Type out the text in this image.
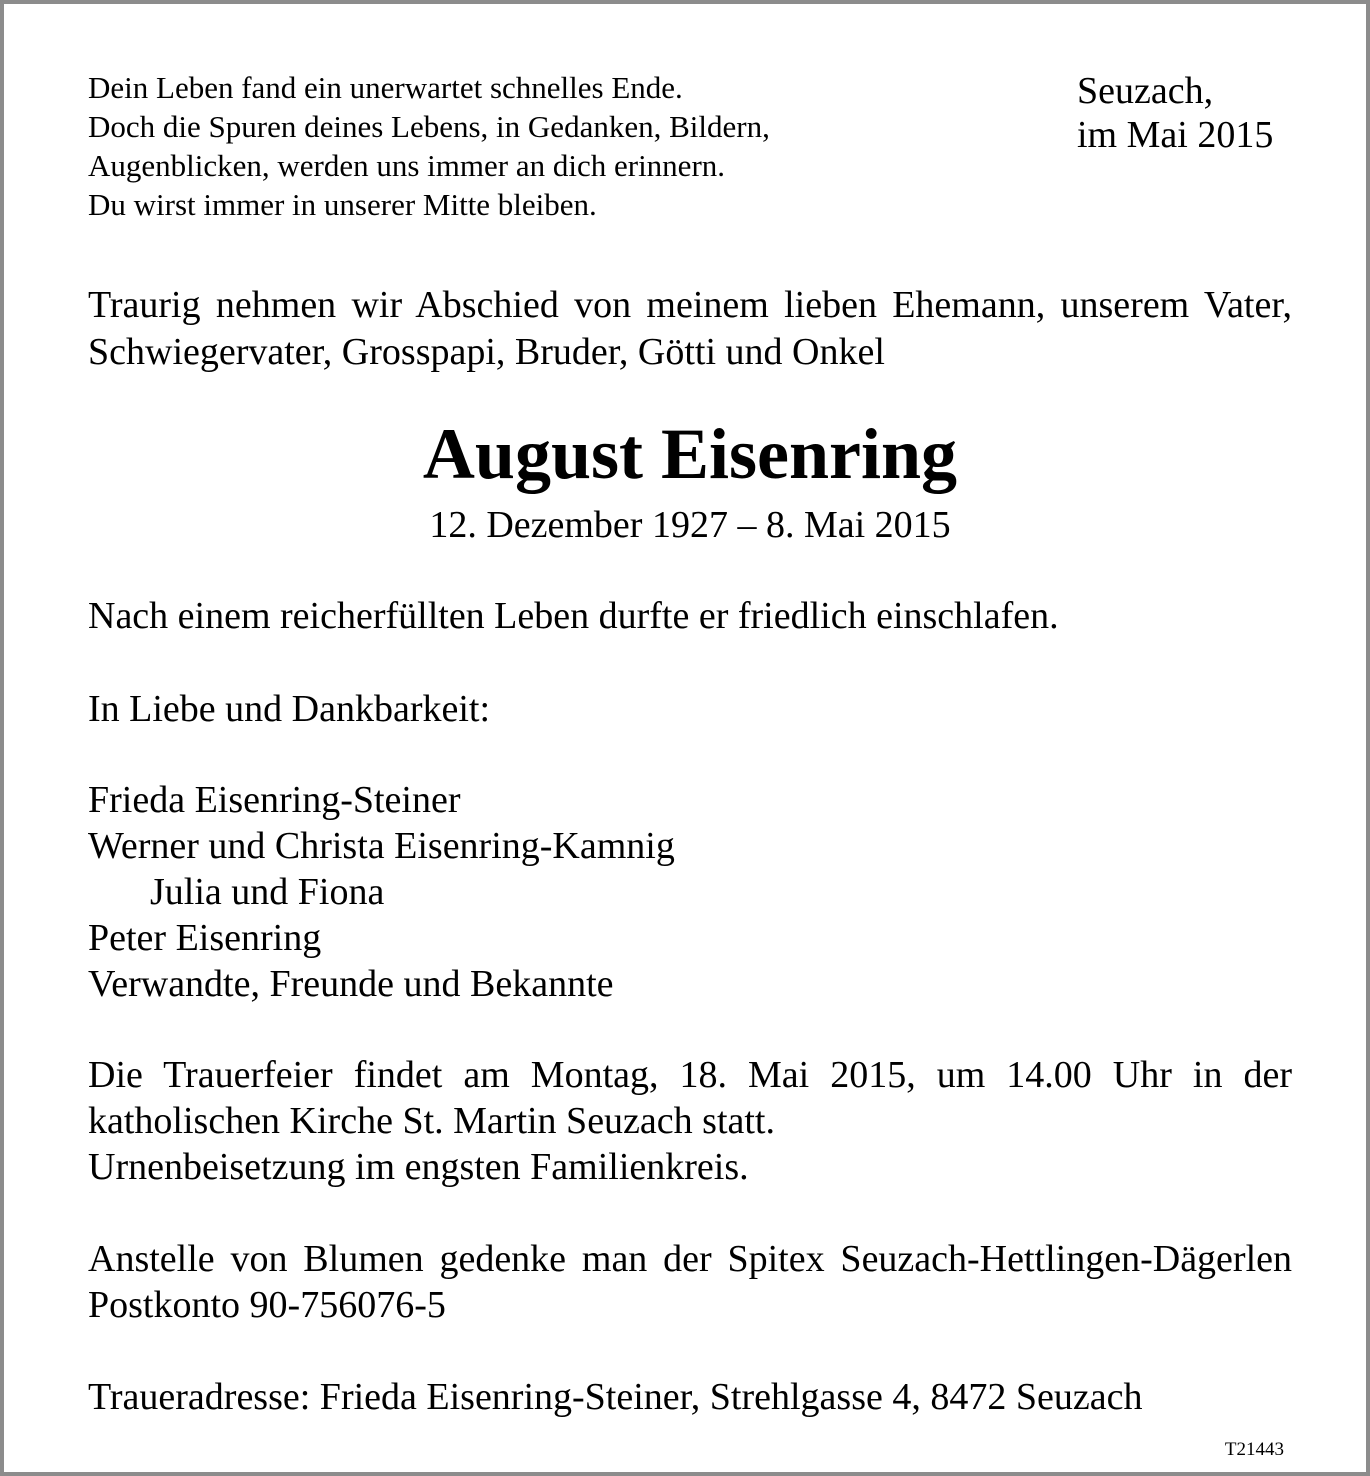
Dein Leben fand ein unerwartet schnelles Ende.
Doch die Spuren deines Lebens, in Gedanken, Bildern,
Augenblicken, werden uns immer an dich erinnern.
Du wirst immer in unserer Mitte bleiben.
Seuzach,
im Mai 2015
Traurig nehmen wir Abschied von meinem lieben Ehemann, unserem Vater, Schwiegervater, Grosspapi, Bruder, Götti und Onkel
August Eisenring
12. Dezember 1927 – 8. Mai 2015
Nach einem reicherfüllten Leben durfte er friedlich einschlafen.
In Liebe und Dankbarkeit:
Frieda Eisenring-Steiner
Werner und Christa Eisenring-Kamnig
Julia und Fiona
Peter Eisenring
Verwandte, Freunde und Bekannte
Die Trauerfeier findet am Montag, 18. Mai 2015, um 14.00 Uhr in der katholischen Kirche St. Martin Seuzach statt.
Urnenbeisetzung im engsten Familienkreis.
Anstelle von Blumen gedenke man der Spitex Seuzach-Hettlingen-Dägerlen Postkonto 90-756076-5
Traueradresse: Frieda Eisenring-Steiner, Strehlgasse 4, 8472 Seuzach
T21443
